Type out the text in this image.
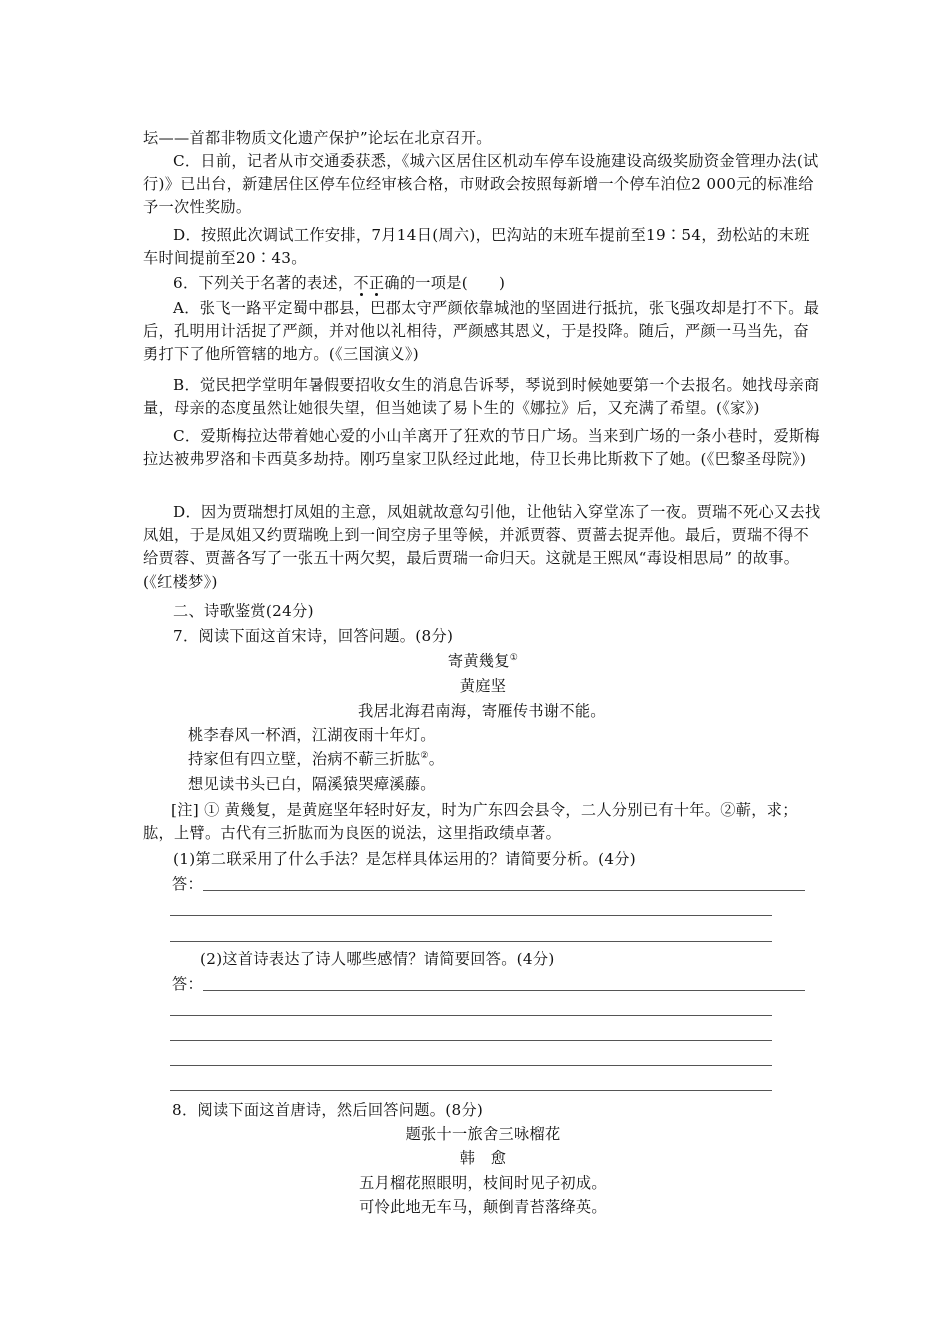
坛——首都非物质文化遗产保护”论坛在北京召开。

C．日前，记者从市交通委获悉，《城六区居住区机动车停车设施建设高级奖励资金管理办法(试行)》已出台，新建居住区停车位经审核合格，市财政会按照每新增一个停车泊位2 000元的标准给予一次性奖励。

D．按照此次调试工作安排，7月14日(周六)，巴沟站的末班车提前至19∶54，劲松站的末班车时间提前至20∶43。

6．下列关于名著的表述，不正确的一项是(　　)

A．张飞一路平定蜀中郡县，巴郡太守严颜依靠城池的坚固进行抵抗，张飞强攻却是打不下。最后，孔明用计活捉了严颜，并对他以礼相待，严颜感其恩义，于是投降。随后，严颜一马当先，奋勇打下了他所管辖的地方。(《三国演义》)

B．觉民把学堂明年暑假要招收女生的消息告诉琴，琴说到时候她要第一个去报名。她找母亲商量，母亲的态度虽然让她很失望，但当她读了易卜生的《娜拉》后，又充满了希望。(《家》)

C．爱斯梅拉达带着她心爱的小山羊离开了狂欢的节日广场。当来到广场的一条小巷时，爱斯梅拉达被弗罗洛和卡西莫多劫持。刚巧皇家卫队经过此地，侍卫长弗比斯救下了她。(《巴黎圣母院》)

D．因为贾瑞想打凤姐的主意，凤姐就故意勾引他，让他钻入穿堂冻了一夜。贾瑞不死心又去找凤姐，于是凤姐又约贾瑞晚上到一间空房子里等候，并派贾蓉、贾蔷去捉弄他。最后，贾瑞不得不给贾蓉、贾蔷各写了一张五十两欠契，最后贾瑞一命归天。这就是王熙凤“毒设相思局” 的故事。(《红楼梦》)

二、诗歌鉴赏(24分)

7．阅读下面这首宋诗，回答问题。(8分)

寄黄幾复①
黄庭坚
我居北海君南海，寄雁传书谢不能。
桃李春风一杯酒，江湖夜雨十年灯。
持家但有四立壁，治病不蕲三折肱②。
想见读书头已白，隔溪猿哭瘴溪藤。

[注] ① 黄幾复，是黄庭坚年轻时好友，时为广东四会县令，二人分别已有十年。②蕲，求；肱，上臂。古代有三折肱而为良医的说法，这里指政绩卓著。

(1)第二联采用了什么手法？是怎样具体运用的？请简要分析。(4分)

答：

(2)这首诗表达了诗人哪些感情？请简要回答。(4分)

答：

8．阅读下面这首唐诗，然后回答问题。(8分)

题张十一旅舍三咏榴花
韩　愈
五月榴花照眼明，枝间时见子初成。
可怜此地无车马，颠倒青苔落绛英。
